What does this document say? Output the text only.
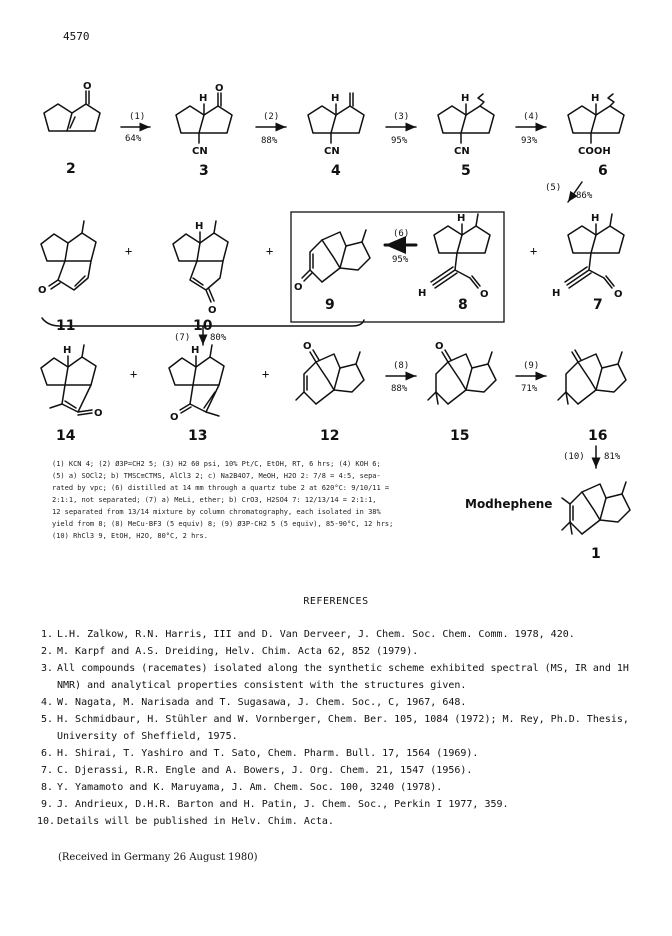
4570
O
2
(1)
64%
O
H
CN
3
(2)
88%
H
CN
4
(3)
95%
H
CN
5
(4)
93%
H
COOH
6
(5)
86%
O
11
+
H
O
10
+
O
9
(6)
95%
H
O
H
8
+
H
O
H
7
(7) 80%
H
O
14
+
H
O
13
+
O
12
(8)
88%
O
15
(9)
71%
16
(10) 81%
1
(1) KCN 4; (2) Ø3P=CH2 5; (3) H2 60 psi, 10% Pt/C, EtOH, RT, 6 hrs; (4) KOH 6;
(5) a) SOCl2; b) TMSC≡CTMS, AlCl3 2; c) Na2B4O7, MeOH, H2O 2: 7/8 = 4:5, sepa-
rated by vpc; (6) distilled at 14 mm through a quartz tube 2 at 620°C: 9/10/11 =
2:1:1, not separated; (7) a) MeLi, ether; b) CrO3, H2SO4 7: 12/13/14 = 2:1:1,
12 separated from 13/14 mixture by column chromatography, each isolated in 38%
yield from 8; (8) MeCu·BF3 (5 equiv) 8; (9) Ø3P-CH2 5 (5 equiv), 85-90°C, 12 hrs;
(10) RhCl3 9, EtOH, H2O, 80°C, 2 hrs.
Modhephene
REFERENCES
1. L.H. Zalkow, R.N. Harris, III and D. Van Derveer, J. Chem. Soc. Chem. Comm. 1978, 420.
2. M. Karpf and A.S. Dreiding, Helv. Chim. Acta 62, 852 (1979).
3. All compounds (racemates) isolated along the synthetic scheme exhibited spectral (MS, IR and 1H NMR) and analytical properties consistent with the structures given.
4. W. Nagata, M. Narisada and T. Sugasawa, J. Chem. Soc., C, 1967, 648.
5. H. Schmidbaur, H. Stühler and W. Vornberger, Chem. Ber. 105, 1084 (1972); M. Rey, Ph.D. Thesis, University of Sheffield, 1975.
6. H. Shirai, T. Yashiro and T. Sato, Chem. Pharm. Bull. 17, 1564 (1969).
7. C. Djerassi, R.R. Engle and A. Bowers, J. Org. Chem. 21, 1547 (1956).
8. Y. Yamamoto and K. Maruyama, J. Am. Chem. Soc. 100, 3240 (1978).
9. J. Andrieux, D.H.R. Barton and H. Patin, J. Chem. Soc., Perkin I 1977, 359.
10. Details will be published in Helv. Chim. Acta.
(Received in Germany 26 August 1980)
